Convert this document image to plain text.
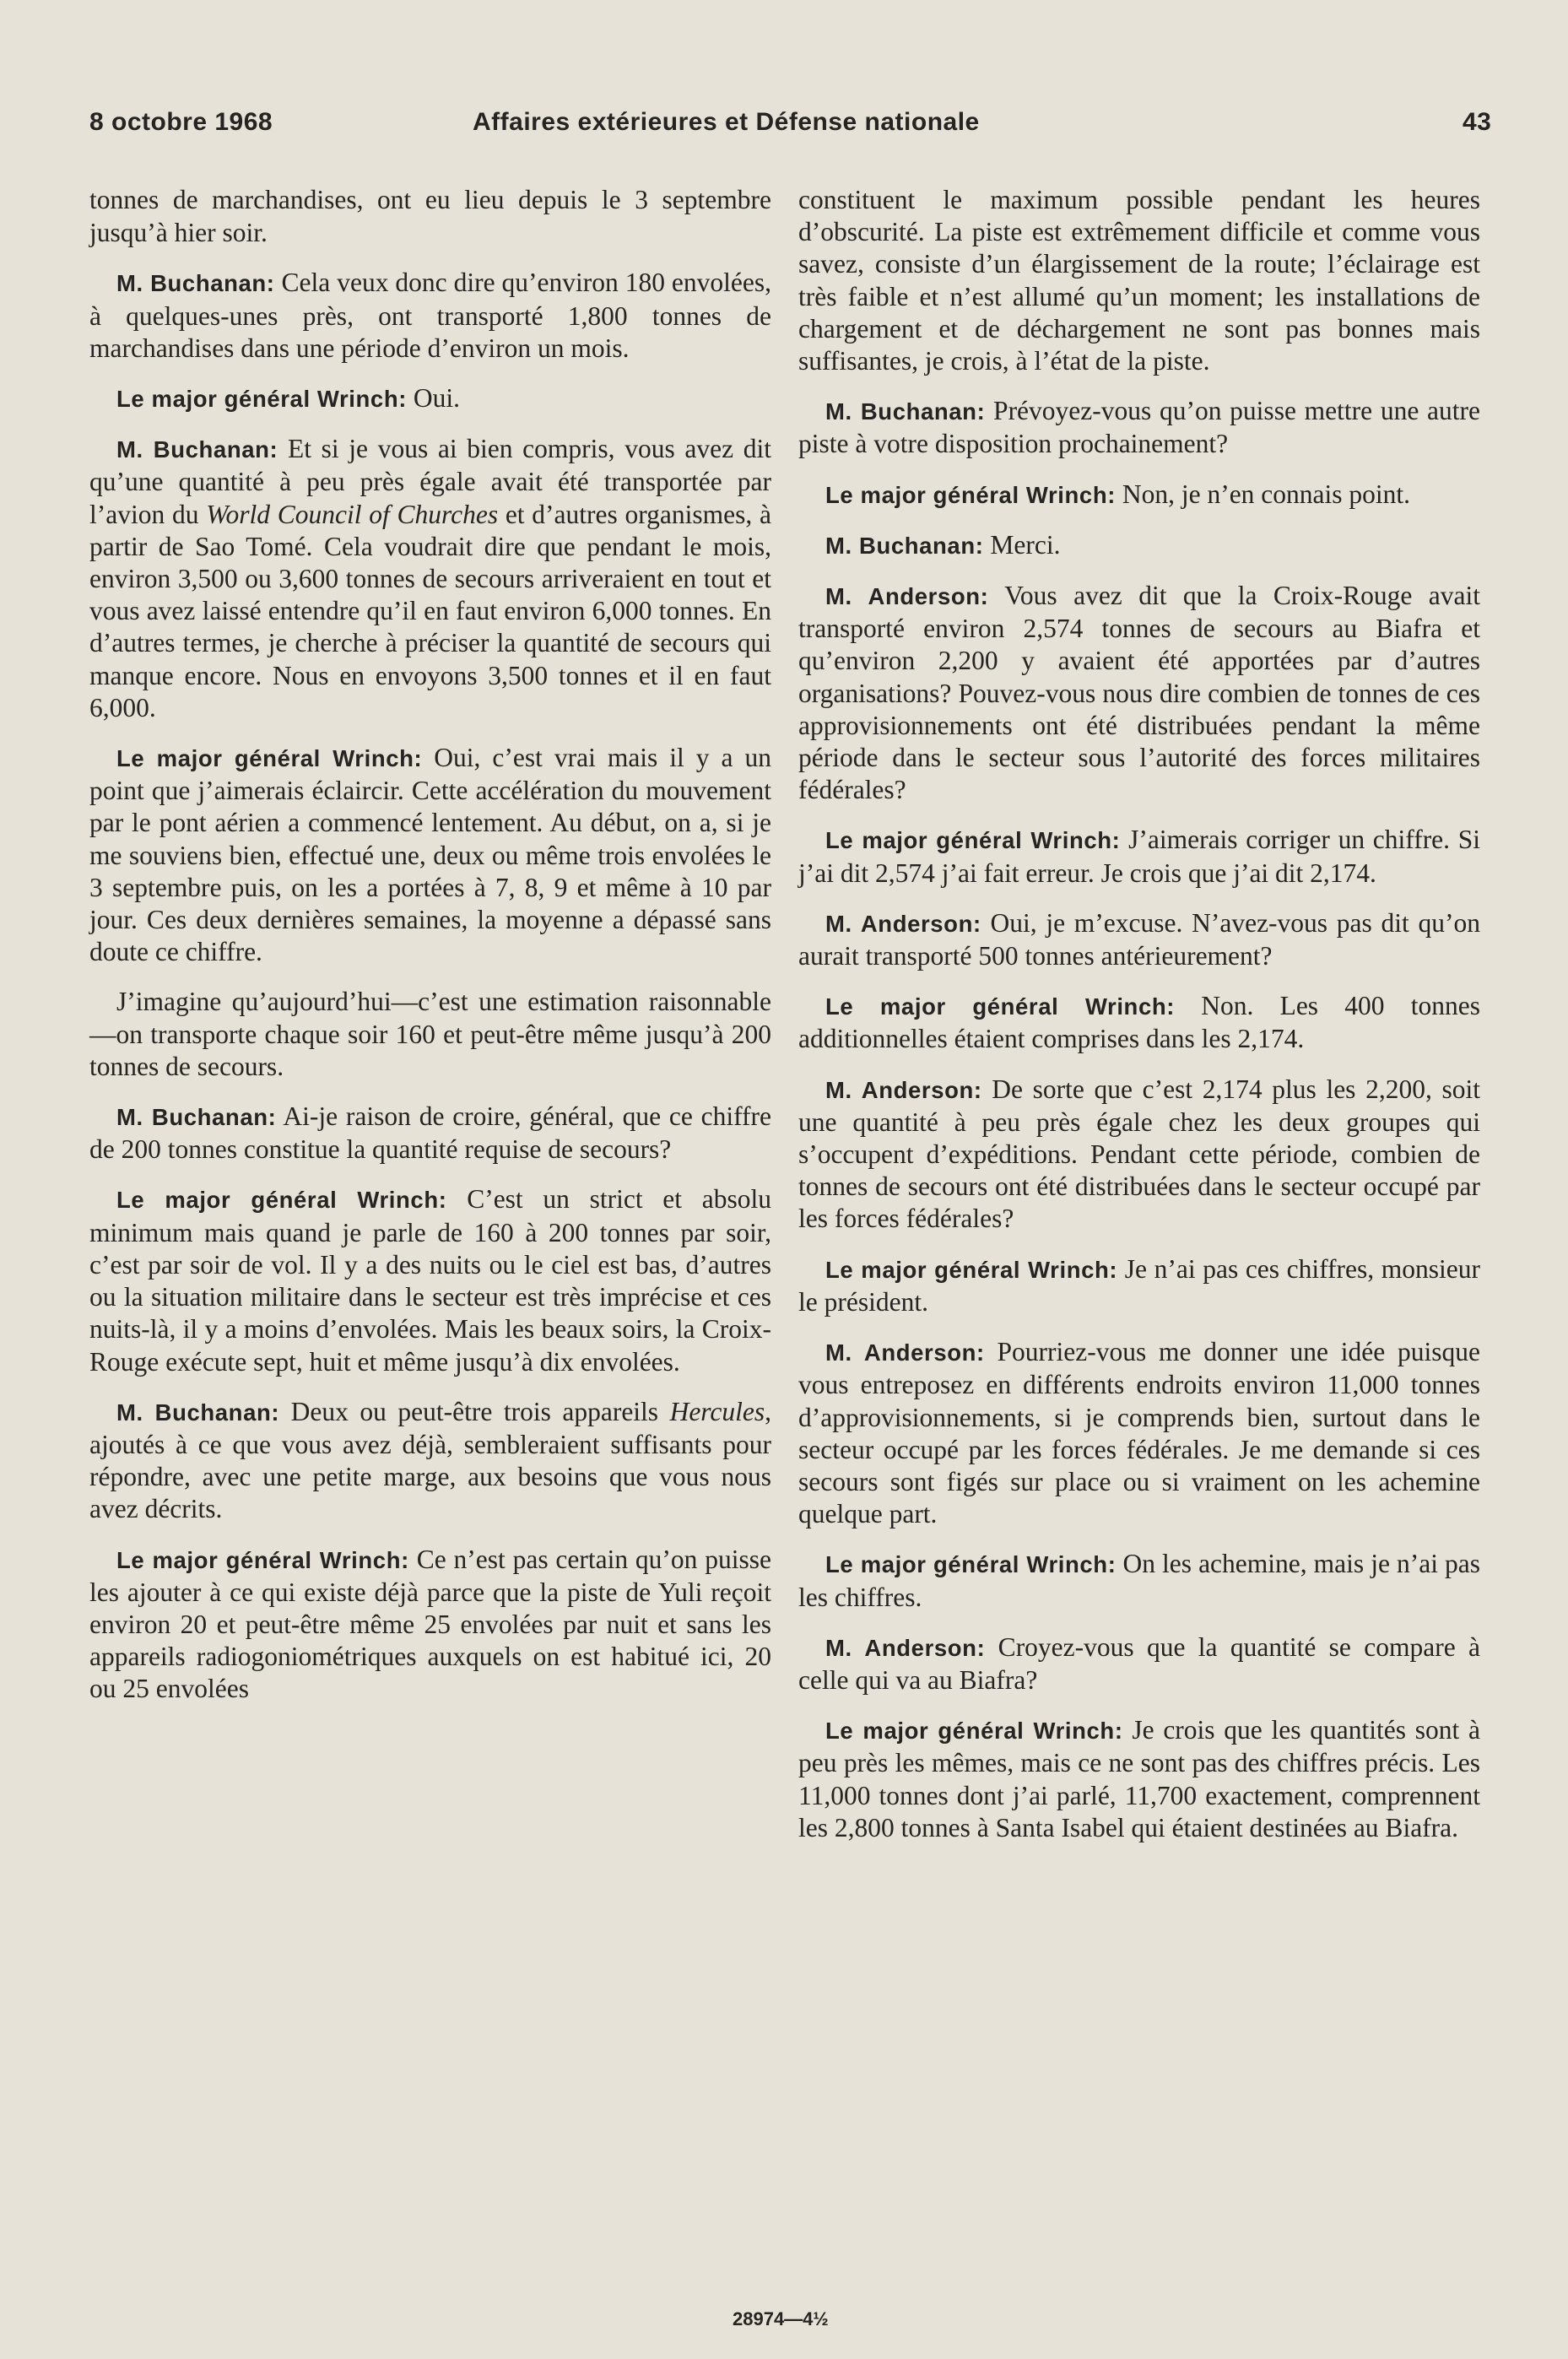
8 octobre 1968	Affaires extérieures et Défense nationale	43

tonnes de marchandises, ont eu lieu depuis le 3 septembre jusqu’à hier soir.

M. Buchanan: Cela veux donc dire qu’environ 180 envolées, à quelques-unes près, ont transporté 1,800 tonnes de marchandises dans une période d’environ un mois.

Le major général Wrinch: Oui.

M. Buchanan: Et si je vous ai bien compris, vous avez dit qu’une quantité à peu près égale avait été transportée par l’avion du World Council of Churches et d’autres organismes, à partir de Sao Tomé. Cela voudrait dire que pendant le mois, environ 3,500 ou 3,600 tonnes de secours arriveraient en tout et vous avez laissé entendre qu’il en faut environ 6,000 tonnes. En d’autres termes, je cherche à préciser la quantité de secours qui manque encore. Nous en envoyons 3,500 tonnes et il en faut 6,000.

Le major général Wrinch: Oui, c’est vrai mais il y a un point que j’aimerais éclaircir. Cette accélération du mouvement par le pont aérien a commencé lentement. Au début, on a, si je me souviens bien, effectué une, deux ou même trois envolées le 3 septembre puis, on les a portées à 7, 8, 9 et même à 10 par jour. Ces deux dernières semaines, la moyenne a dépassé sans doute ce chiffre.

J’imagine qu’aujourd’hui—c’est une estimation raisonnable—on transporte chaque soir 160 et peut-être même jusqu’à 200 tonnes de secours.

M. Buchanan: Ai-je raison de croire, général, que ce chiffre de 200 tonnes constitue la quantité requise de secours?

Le major général Wrinch: C’est un strict et absolu minimum mais quand je parle de 160 à 200 tonnes par soir, c’est par soir de vol. Il y a des nuits ou le ciel est bas, d’autres ou la situation militaire dans le secteur est très imprécise et ces nuits-là, il y a moins d’envolées. Mais les beaux soirs, la Croix-Rouge exécute sept, huit et même jusqu’à dix envolées.

M. Buchanan: Deux ou peut-être trois appareils Hercules, ajoutés à ce que vous avez déjà, sembleraient suffisants pour répondre, avec une petite marge, aux besoins que vous nous avez décrits.

Le major général Wrinch: Ce n’est pas certain qu’on puisse les ajouter à ce qui existe déjà parce que la piste de Yuli reçoit environ 20 et peut-être même 25 envolées par nuit et sans les appareils radiogoniométriques auxquels on est habitué ici, 20 ou 25 envolées

constituent le maximum possible pendant les heures d’obscurité. La piste est extrêmement difficile et comme vous savez, consiste d’un élargissement de la route; l’éclairage est très faible et n’est allumé qu’un moment; les installations de chargement et de déchargement ne sont pas bonnes mais suffisantes, je crois, à l’état de la piste.

M. Buchanan: Prévoyez-vous qu’on puisse mettre une autre piste à votre disposition prochainement?

Le major général Wrinch: Non, je n’en connais point.

M. Buchanan: Merci.

M. Anderson: Vous avez dit que la Croix-Rouge avait transporté environ 2,574 tonnes de secours au Biafra et qu’environ 2,200 y avaient été apportées par d’autres organisations? Pouvez-vous nous dire combien de tonnes de ces approvisionnements ont été distribuées pendant la même période dans le secteur sous l’autorité des forces militaires fédérales?

Le major général Wrinch: J’aimerais corriger un chiffre. Si j’ai dit 2,574 j’ai fait erreur. Je crois que j’ai dit 2,174.

M. Anderson: Oui, je m’excuse. N’avez-vous pas dit qu’on aurait transporté 500 tonnes antérieurement?

Le major général Wrinch: Non. Les 400 tonnes additionnelles étaient comprises dans les 2,174.

M. Anderson: De sorte que c’est 2,174 plus les 2,200, soit une quantité à peu près égale chez les deux groupes qui s’occupent d’expéditions. Pendant cette période, combien de tonnes de secours ont été distribuées dans le secteur occupé par les forces fédérales?

Le major général Wrinch: Je n’ai pas ces chiffres, monsieur le président.

M. Anderson: Pourriez-vous me donner une idée puisque vous entreposez en différents endroits environ 11,000 tonnes d’approvisionnements, si je comprends bien, surtout dans le secteur occupé par les forces fédérales. Je me demande si ces secours sont figés sur place ou si vraiment on les achemine quelque part.

Le major général Wrinch: On les achemine, mais je n’ai pas les chiffres.

M. Anderson: Croyez-vous que la quantité se compare à celle qui va au Biafra?

Le major général Wrinch: Je crois que les quantités sont à peu près les mêmes, mais ce ne sont pas des chiffres précis. Les 11,000 tonnes dont j’ai parlé, 11,700 exactement, comprennent les 2,800 tonnes à Santa Isabel qui étaient destinées au Biafra.

28974—4½
